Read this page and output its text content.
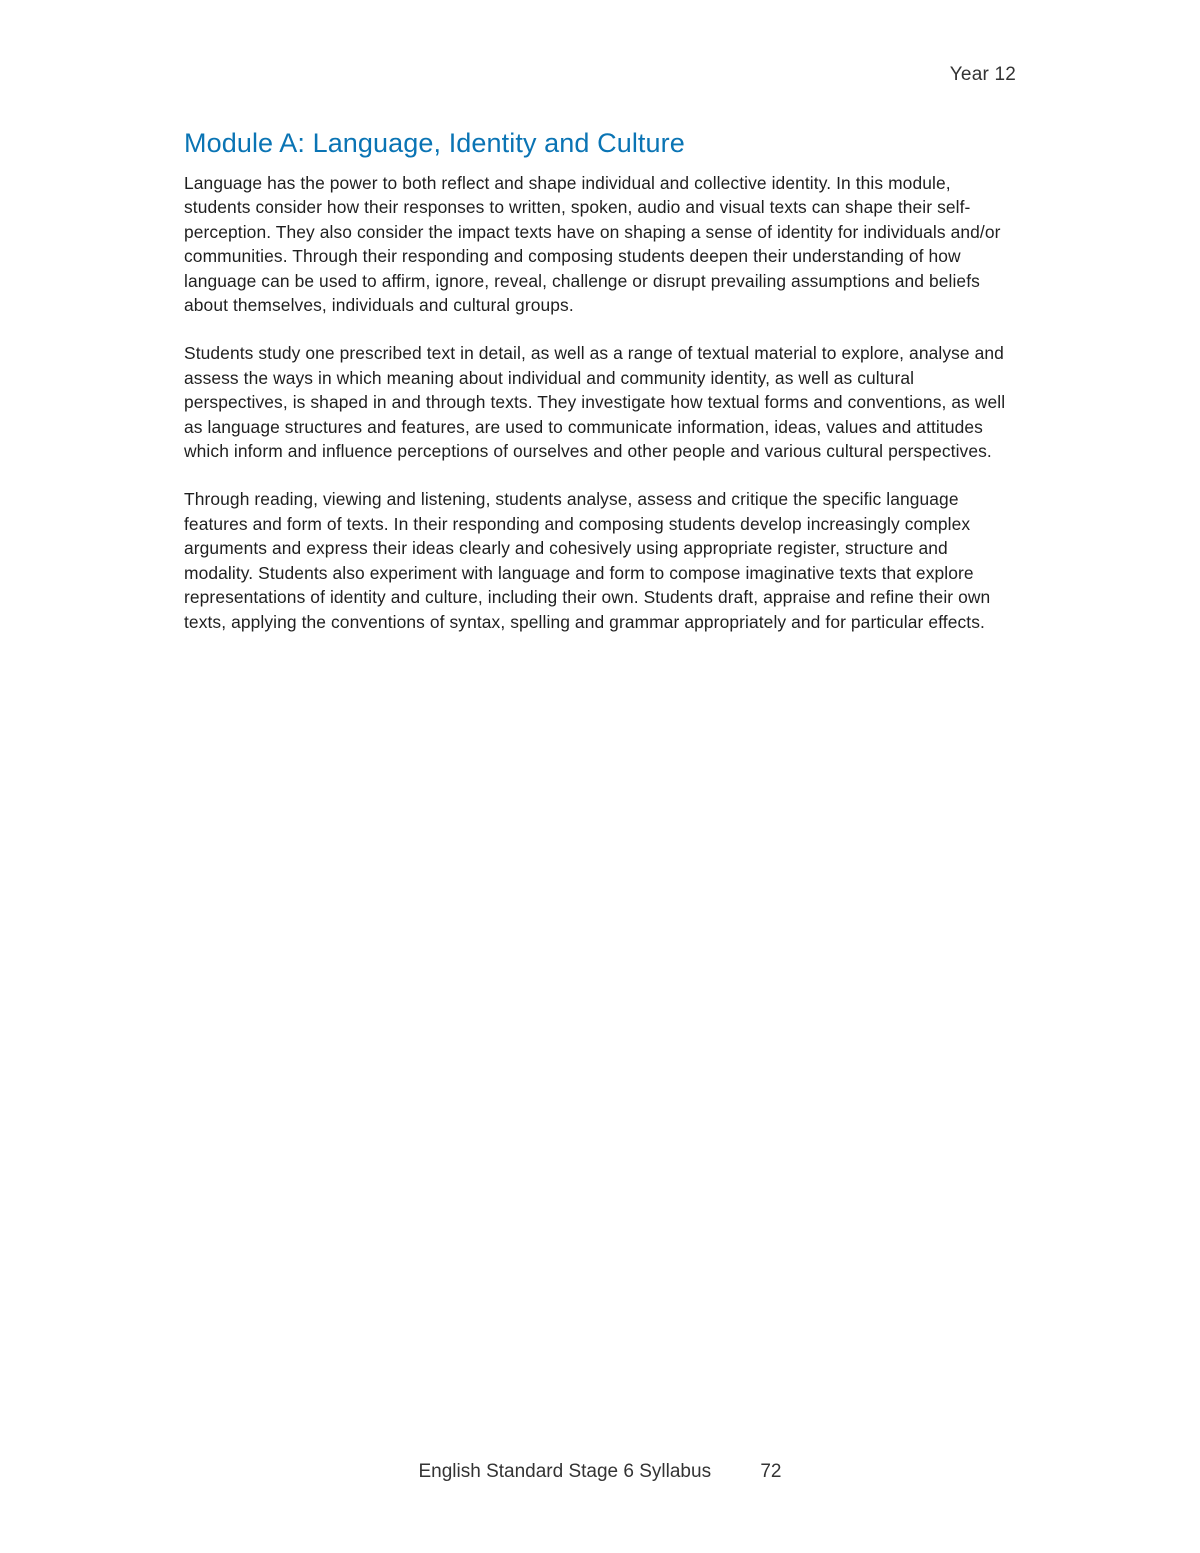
Year 12
Module A: Language, Identity and Culture

Language has the power to both reflect and shape individual and collective identity. In this module, students consider how their responses to written, spoken, audio and visual texts can shape their self-perception. They also consider the impact texts have on shaping a sense of identity for individuals and/or communities. Through their responding and composing students deepen their understanding of how language can be used to affirm, ignore, reveal, challenge or disrupt prevailing assumptions and beliefs about themselves, individuals and cultural groups.

Students study one prescribed text in detail, as well as a range of textual material to explore, analyse and assess the ways in which meaning about individual and community identity, as well as cultural perspectives, is shaped in and through texts. They investigate how textual forms and conventions, as well as language structures and features, are used to communicate information, ideas, values and attitudes which inform and influence perceptions of ourselves and other people and various cultural perspectives.

Through reading, viewing and listening, students analyse, assess and critique the specific language features and form of texts. In their responding and composing students develop increasingly complex arguments and express their ideas clearly and cohesively using appropriate register, structure and modality. Students also experiment with language and form to compose imaginative texts that explore representations of identity and culture, including their own. Students draft, appraise and refine their own texts, applying the conventions of syntax, spelling and grammar appropriately and for particular effects.

English Standard Stage 6 Syllabus	72
